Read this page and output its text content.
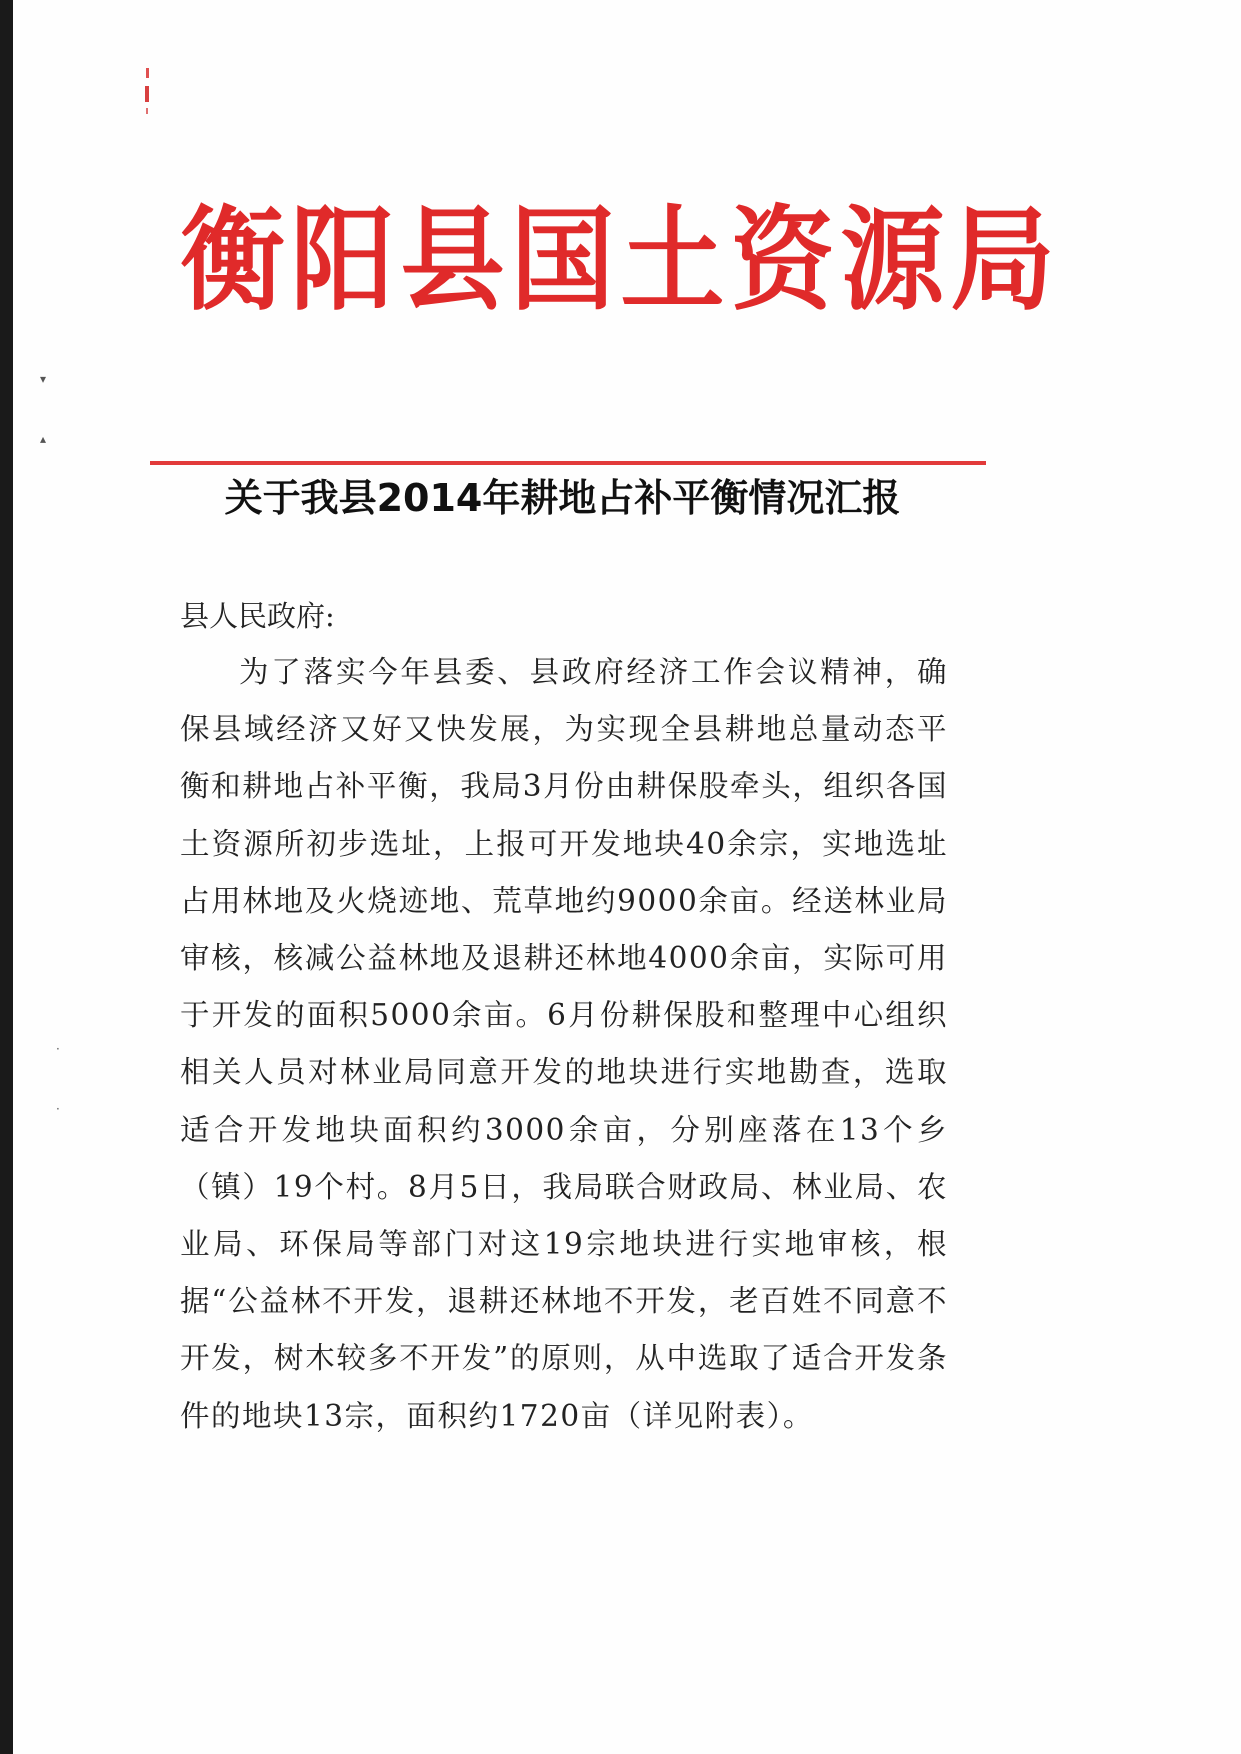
▾
▴
·
·
衡阳县国土资源局
关于我县2014年耕地占补平衡情况汇报
县人民政府:

为了落实今年县委、县政府经济工作会议精神，确保县域经济又好又快发展，为实现全县耕地总量动态平衡和耕地占补平衡，我局3月份由耕保股牵头，组织各国土资源所初步选址，上报可开发地块40余宗，实地选址占用林地及火烧迹地、荒草地约9000余亩。经送林业局审核，核减公益林地及退耕还林地4000余亩，实际可用于开发的面积5000余亩。6月份耕保股和整理中心组织相关人员对林业局同意开发的地块进行实地勘查，选取适合开发地块面积约3000余亩，分别座落在13个乡（镇）19个村。8月5日，我局联合财政局、林业局、农业局、环保局等部门对这19宗地块进行实地审核，根据“公益林不开发，退耕还林地不开发，老百姓不同意不开发，树木较多不开发”的原则，从中选取了适合开发条件的地块13宗，面积约1720亩（详见附表）。
